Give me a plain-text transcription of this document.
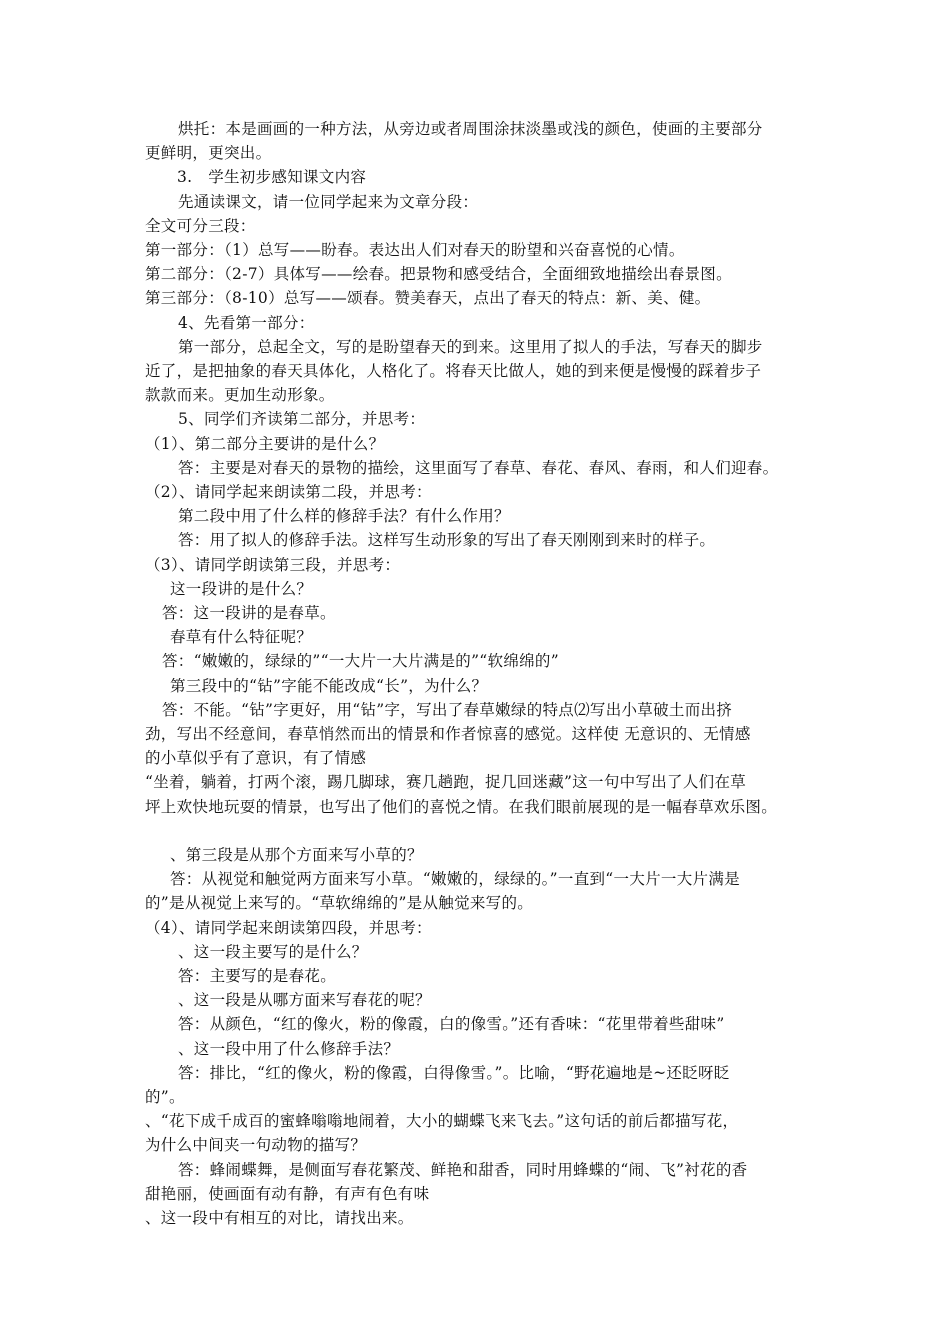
烘托：本是画画的一种方法，从旁边或者周围涂抹淡墨或浅的颜色，使画的主要部分
更鲜明，更突出。
3.　学生初步感知课文内容
先通读课文，请一位同学起来为文章分段：
全文可分三段：
第一部分：（1）总写——盼春。表达出人们对春天的盼望和兴奋喜悦的心情。
第二部分：（2-7）具体写——绘春。把景物和感受结合，全面细致地描绘出春景图。
第三部分：（8-10）总写——颂春。赞美春天，点出了春天的特点：新、美、健。
4、先看第一部分：
第一部分，总起全文，写的是盼望春天的到来。这里用了拟人的手法，写春天的脚步
近了，是把抽象的春天具体化，人格化了。将春天比做人，她的到来便是慢慢的踩着步子
款款而来。更加生动形象。
5、同学们齐读第二部分，并思考：
（1）、第二部分主要讲的是什么？
答：主要是对春天的景物的描绘，这里面写了春草、春花、春风、春雨，和人们迎春。
（2）、请同学起来朗读第二段，并思考：
第二段中用了什么样的修辞手法？有什么作用？
答：用了拟人的修辞手法。这样写生动形象的写出了春天刚刚到来时的样子。
（3）、请同学朗读第三段，并思考：
这一段讲的是什么？
答：这一段讲的是春草。
春草有什么特征呢？
答：“嫩嫩的，绿绿的”“一大片一大片满是的”“软绵绵的”
第三段中的“钻”字能不能改成“长”，为什么？
答：不能。“钻”字更好，用“钻”字，写出了春草嫩绿的特点⑵写出小草破土而出挤
劲，写出不经意间，春草悄然而出的情景和作者惊喜的感觉。这样使 无意识的、无情感
的小草似乎有了意识，有了情感
“坐着，躺着，打两个滚，踢几脚球，赛几趟跑，捉几回迷藏”这一句中写出了人们在草
坪上欢快地玩耍的情景，也写出了他们的喜悦之情。在我们眼前展现的是一幅春草欢乐图。
、第三段是从那个方面来写小草的？
答：从视觉和触觉两方面来写小草。“嫩嫩的，绿绿的。”一直到“一大片一大片满是
的”是从视觉上来写的。“草软绵绵的”是从触觉来写的。
（4）、请同学起来朗读第四段，并思考：
、这一段主要写的是什么？
答：主要写的是春花。
、这一段是从哪方面来写春花的呢？
答：从颜色，“红的像火，粉的像霞，白的像雪。”还有香味：“花里带着些甜味”
、这一段中用了什么修辞手法？
答：排比，“红的像火，粉的像霞，白得像雪。”。比喻，“野花遍地是~还眨呀眨
的”。
、“花下成千成百的蜜蜂嗡嗡地闹着，大小的蝴蝶飞来飞去。”这句话的前后都描写花，
为什么中间夹一句动物的描写？
答：蜂闹蝶舞，是侧面写春花繁茂、鲜艳和甜香，同时用蜂蝶的“闹、飞”衬花的香
甜艳丽，使画面有动有静，有声有色有味
、这一段中有相互的对比，请找出来。
